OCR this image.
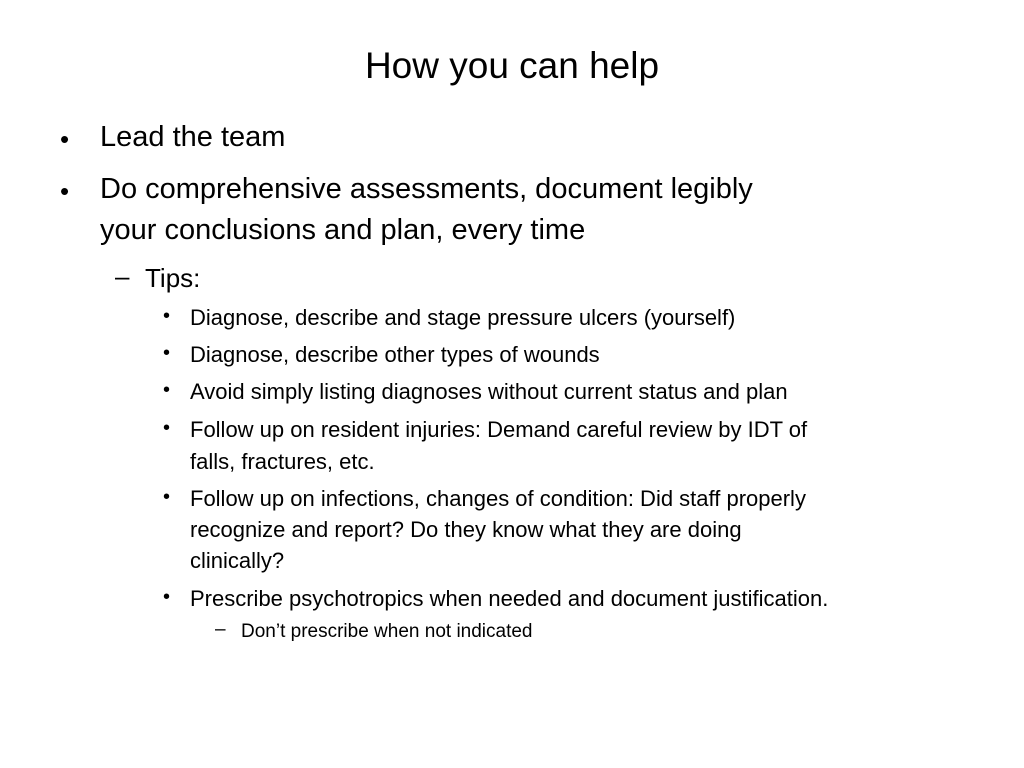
How you can help
• Lead the team
• Do comprehensive assessments, document legibly
your conclusions and plan, every time
– Tips:
• Diagnose, describe and stage pressure ulcers (yourself)
• Diagnose, describe other types of wounds
• Avoid simply listing diagnoses without current status and plan
• Follow up on resident injuries: Demand careful review by IDT of
falls, fractures, etc.
• Follow up on infections, changes of condition: Did staff properly
recognize and report? Do they know what they are doing
clinically?
• Prescribe psychotropics when needed and document justification.
– Don’t prescribe when not indicated
